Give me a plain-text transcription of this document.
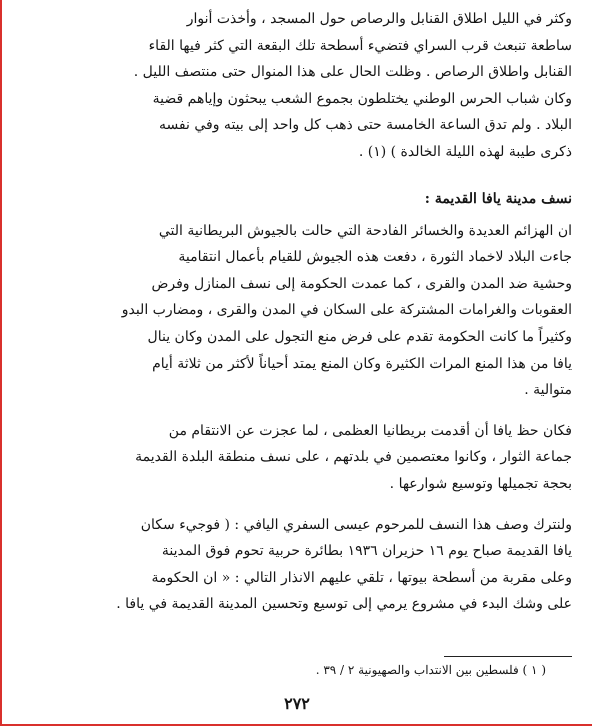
وكثر في الليل اطلاق القنابل والرصاص حول المسجد ، وأخذت أنوار
ساطعة تنبعث قرب السراي فتضيء أسطحة تلك البقعة التي كثر فيها القاء
القنابل واطلاق الرصاص . وظلت الحال على هذا المنوال حتى منتصف الليل .
وكان شباب الحرس الوطني يختلطون بجموع الشعب يبحثون وإياهم قضية
البلاد . ولم تدق الساعة الخامسة حتى ذهب كل واحد إلى بيته وفي نفسه
ذكرى طيبة لهذه الليلة الخالدة ) (١) .

نسف مدينة يافا القديمة :

ان الهزائم العديدة والخسائر الفادحة التي حالت بالجيوش البريطانية التي
جاءت البلاد لاخماد الثورة ، دفعت هذه الجيوش للقيام بأعمال انتقامية
وحشية ضد المدن والقرى ، كما عمدت الحكومة إلى نسف المنازل وفرض
العقوبات والغرامات المشتركة على السكان في المدن والقرى ، ومضارب البدو
وكثيراً ما كانت الحكومة تقدم على فرض منع التجول على المدن وكان ينال
يافا من هذا المنع المرات الكثيرة وكان المنع يمتد أحياناً لأكثر من ثلاثة أيام
متوالية .

فكان حظ يافا أن أقدمت بريطانيا العظمى ، لما عجزت عن الانتقام من
جماعة الثوار ، وكانوا معتصمين في بلدتهم ، على نسف منطقة البلدة القديمة
بحجة تجميلها وتوسيع شوارعها .

ولنترك وصف هذا النسف للمرحوم عيسى السفري اليافي : ( فوجيء سكان
يافا القديمة صباح يوم ١٦ حزيران ١٩٣٦ بطائرة حربية تحوم فوق المدينة
وعلى مقربة من أسطحة بيوتها ، تلقي عليهم الانذار التالي : « ان الحكومة
على وشك البدء في مشروع يرمي إلى توسيع وتحسين المدينة القديمة في يافا .

( ١ ) فلسطين بين الانتداب والصهيونية ٢ / ٣٩ .
٢٧٢
